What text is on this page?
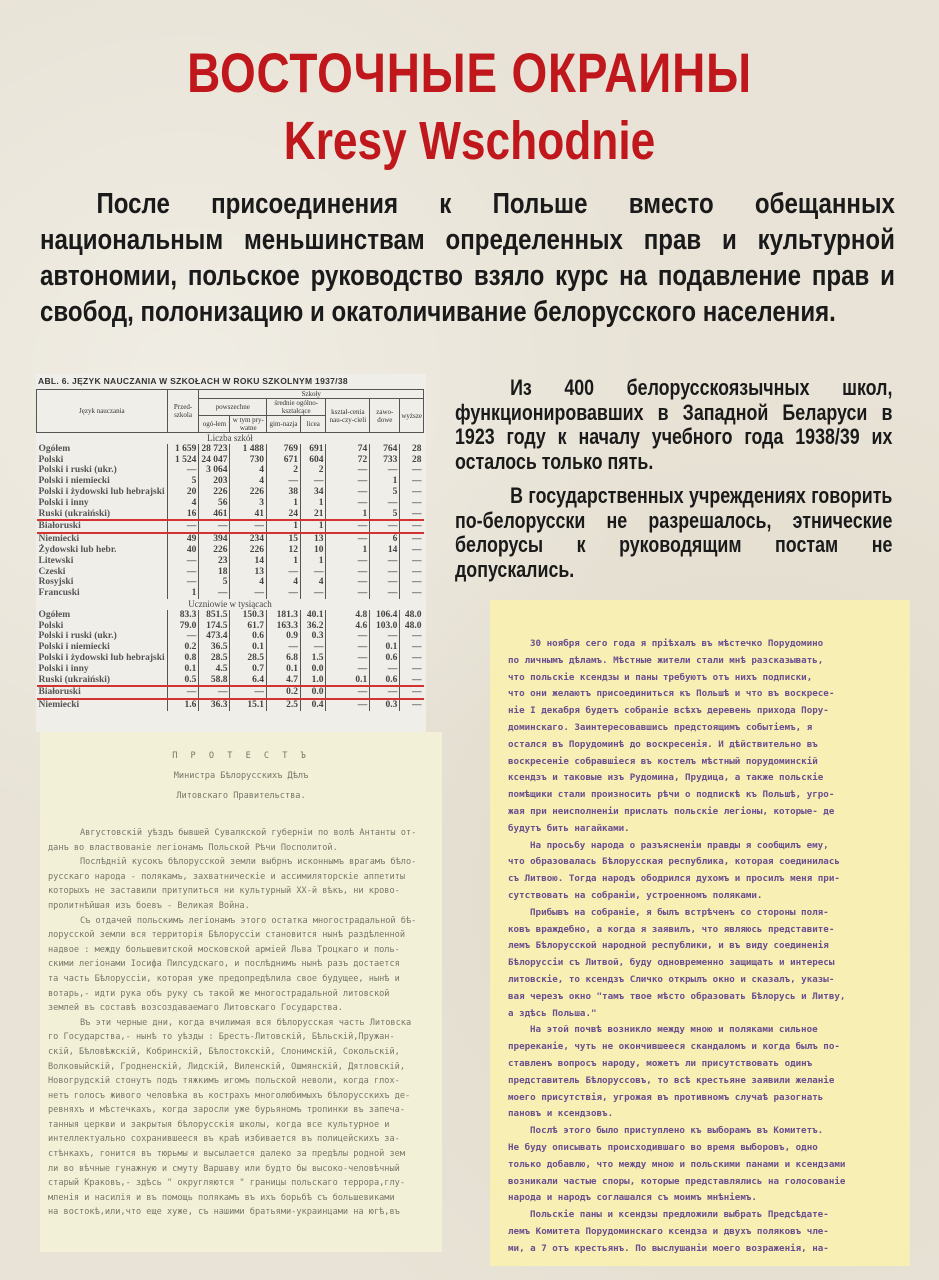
ВОСТОЧНЫЕ ОКРАИНЫ
Kresy Wschodnie
После присоединения к Польше вместо обещанных национальным меньшинствам определенных прав и культурной автономии, польское руководство взяло курс на подавление прав и свобод, полонизацию и окатоличивание белорусского населения.
ABL. 6. JĘZYK NAUCZANIA W SZKOŁACH W ROKU SZKOLNYM 1937/38
Język nauczania	Przed-szkola	Szkoły						
		powszechne		średnie ogólno-kształcące		kształ-cenia nau-czy-cieli	zawo-dowe	wyższe
		ogó-łem	w tym pry-watne	gim-nazja	licea			
Liczba szkół								
Ogółem	1 659	28 723	1 488	769	691	74	764	28
Polski	1 524	24 047	730	671	604	72	733	28
Polski i ruski (ukr.)	—	3 064	4	2	2	—	—	—
Polski i niemiecki	5	203	4	—	—	—	1	—
Polski i żydowski lub hebrajski	20	226	226	38	34	—	5	—
Polski i inny	4	56	3	1	1	—	—	—
Ruski (ukraiński)	16	461	41	24	21	1	5	—
Białoruski	—	—	—	1	1	—	—	—
Niemiecki	49	394	234	15	13	—	6	—
Żydowski lub hebr.	40	226	226	12	10	1	14	—
Litewski	—	23	14	1	1	—	—	—
Czeski	—	18	13	—	—	—	—	—
Rosyjski	—	5	4	4	4	—	—	—
Francuski	1	—	—	—	—	—	—	—
Uczniowie w tysiącach								
Ogółem	83.3	851.5	150.3	181.3	40.1	4.8	106.4	48.0
Polski	79.0	174.5	61.7	163.3	36.2	4.6	103.0	48.0
Polski i ruski (ukr.)	—	473.4	0.6	0.9	0.3	—	—	—
Polski i niemiecki	0.2	36.5	0.1	—	—	—	0.1	—
Polski i żydowski lub hebrajski	0.8	28.5	28.5	6.8	1.5	—	0.6	—
Polski i inny	0.1	4.5	0.7	0.1	0.0	—	—	—
Ruski (ukraiński)	0.5	58.8	6.4	4.7	1.0	0.1	0.6	—
Białoruski	—	—	—	0.2	0.0	—	—	—
Niemiecki	1.6	36.3	15.1	2.5	0.4	—	0.3	—

Из 400 белорусскоязычных школ, функционировавших в Западной Беларуси в 1923 году к началу учебного года 1938/39 их осталось только пять.

В государственных учреждениях говорить по-белорусски не разрешалось, этнические белорусы к руководящим постам не допускались.

П Р О Т Е С Т Ъ
Министра Бѣлорусскихъ Дѣлъ
Литовскаго Правительства.
Августовскій уѣздъ бывшей Сувалкской губерніи по волѣ Антанты от-
данъ во властвованіе легіонамъ Польской Рѣчи Посполитой.
Послѣдній кусокъ бѣлорусской земли выбрнъ исконнымъ врагамъ бѣло-
русскаго народа - полякамъ, захватническіе и ассимиляторскіе аппетиты
которыхъ не заставили притупиться ни культурный XX-й вѣкъ, ни крово-
пролитнѣйшая изъ боевъ - Великая Война.
Съ отдачей польскимъ легіонамъ этого остатка многострадальной бѣ-
лорусской земли вся территорія Бѣлоруссіи становится нынѣ раздѣленной
надвое : между большевитской московской арміей Льва Троцкаго и поль-
скими легіонами Іосифа Пилсудскаго, и послѣднимъ нынѣ разъ достается
та часть Бѣлоруссіи, которая уже предопредѣлила свое будущее, нынѣ и
вотарь,- идти рука объ руку съ такой же многострадальной литовской
землей въ составѣ возсоздаваемаго Литовскаго Государства.
Въ эти черные дни, когда вчилимая вся бѣлорусская часть Литовска
го Государства,- нынѣ то уѣзды : Брестъ-Литовскій, Бѣльскій,Пружан-
скій, Бѣловѣжскій, Кобринскій, Бѣлостокскій, Слонимскій, Сокольскій,
Волковыйскій, Гродненскій, Лидскій, Виленскій, Ошмянскій, Дятловскій,
Новогрудскій стонутъ подъ тяжкимъ игомъ польской неволи, когда глох-
нетъ голосъ живого человѣка въ кострахъ многолюбимыхъ бѣлорусскихъ де-
ревняхъ и мѣстечкахъ, когда заросли уже бурьяномъ тропинки въ запеча-
танныя церкви и закрытыя бѣлорусскія школы, когда все культурное и
интеллектуально сохранившееся въ краѣ избивается въ полицейскихъ за-
стѣнкахъ, гонится въ тюрьмы и высылается далеко за предѣлы родной зем
ли во вѣчные гунажную и смуту Варшаву или будто бы высоко-человѣчный
старый Краковъ,- здѣсь " округляются " границы польскаго террора,глу-
мленія и насилія и въ помощь полякамъ въ ихъ борьбѣ съ большевиками
на востокѣ,или,что еще хуже, съ нашими братьями-украинцами на югѣ,въ
30 ноября сего года я пріѣхалъ въ мѣстечко Порудомино
по личнымъ дѣламъ. Мѣстные жители стали мнѣ разсказывать,
что польскіе ксендзы и паны требуютъ отъ нихъ подписки,
что они желаютъ присоединиться къ Польшѣ и что въ воскресе-
ніе I декабря будетъ собраніе всѣхъ деревень прихода Пору-
доминскаго. Заинтересовавшись предстоящимъ событіемъ, я
остался въ Порудоминѣ до воскресенія. И дѣйствительно въ
воскресеніе собравшіеся въ костелъ мѣстный порудоминскій
ксендзъ и таковые изъ Рудомина, Прудица, а также польскіе
помѣщики стали произносить рѣчи о подпискѣ къ Польшѣ, угро-
жая при неисполненіи прислать польскіе легіоны, которые- де
будутъ бить нагайками.
На просьбу народа о разъясненіи правды я сообщилъ ему,
что образовалась Бѣлорусская республика, которая соединилась
съ Литвою. Тогда народъ ободрился духомъ и просилъ меня при-
сутствовать на собраніи, устроенномъ поляками.
Прибывъ на собраніе, я былъ встрѣченъ со стороны поля-
ковъ враждебно, а когда я заявилъ, что являюсь представите-
лемъ Бѣлорусской народной республики, и въ виду соединенія
Бѣлоруссіи съ Литвой, буду одновременно защищать и интересы
литовскіе, то ксендзъ Сличко открылъ окно и сказалъ, указы-
вая черезъ окно "тамъ твое мѣсто образовать Бѣлорусь и Литву,
а здѣсь Польша."
На этой почвѣ возникло между мною и поляками сильное
пререканіе, чуть не окончившееся скандаломъ и когда былъ по-
ставленъ вопросъ народу, можетъ ли присутствовать одинъ
представитель Бѣлоруссовъ, то всѣ крестьяне заявили желаніе
моего присутствія, угрожая въ противномъ случаѣ разогнать
пановъ и ксендзовъ.
Послѣ этого было приступлено къ выборамъ въ Комитетъ.
Не буду описывать происходившаго во время выборовъ, одно
только добавлю, что между мною и польскими панами и ксендзами
возникали частые споры, которые представлялись на голосованіе
народа и народъ соглашался съ моимъ мнѣніемъ.
Польскіе паны и ксендзы предложили выбрать Предсѣдате-
лемъ Комитета Порудоминскаго ксендза и двухъ поляковъ чле-
ми, а 7 отъ крестьянъ. По выслушаніи моего возраженія, на-
